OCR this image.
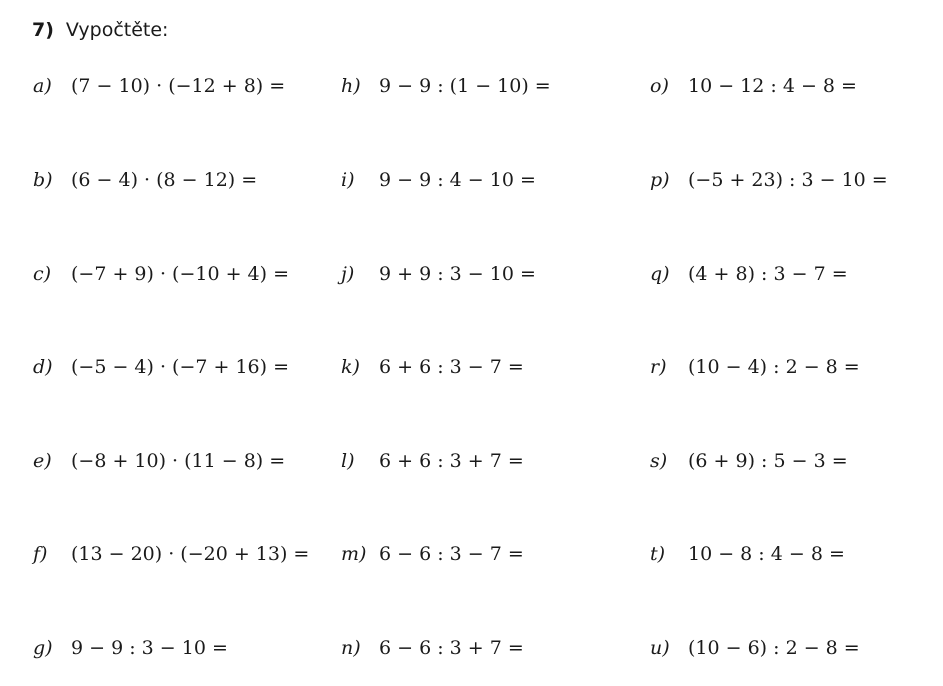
7) Vypočtěte:
a) (7 − 10) · (−12 + 8) =
b) (6 − 4) · (8 − 12) =
c) (−7 + 9) · (−10 + 4) =
d) (−5 − 4) · (−7 + 16) =
e) (−8 + 10) · (11 − 8) =
f) (13 − 20) · (−20 + 13) =
g) 9 − 9 : 3 − 10 =
h) 9 − 9 : (1 − 10) =
i) 9 − 9 : 4 − 10 =
j) 9 + 9 : 3 − 10 =
k) 6 + 6 : 3 − 7 =
l) 6 + 6 : 3 + 7 =
m) 6 − 6 : 3 − 7 =
n) 6 − 6 : 3 + 7 =
o) 10 − 12 : 4 − 8 =
p) (−5 + 23) : 3 − 10 =
q) (4 + 8) : 3 − 7 =
r) (10 − 4) : 2 − 8 =
s) (6 + 9) : 5 − 3 =
t) 10 − 8 : 4 − 8 =
u) (10 − 6) : 2 − 8 =
